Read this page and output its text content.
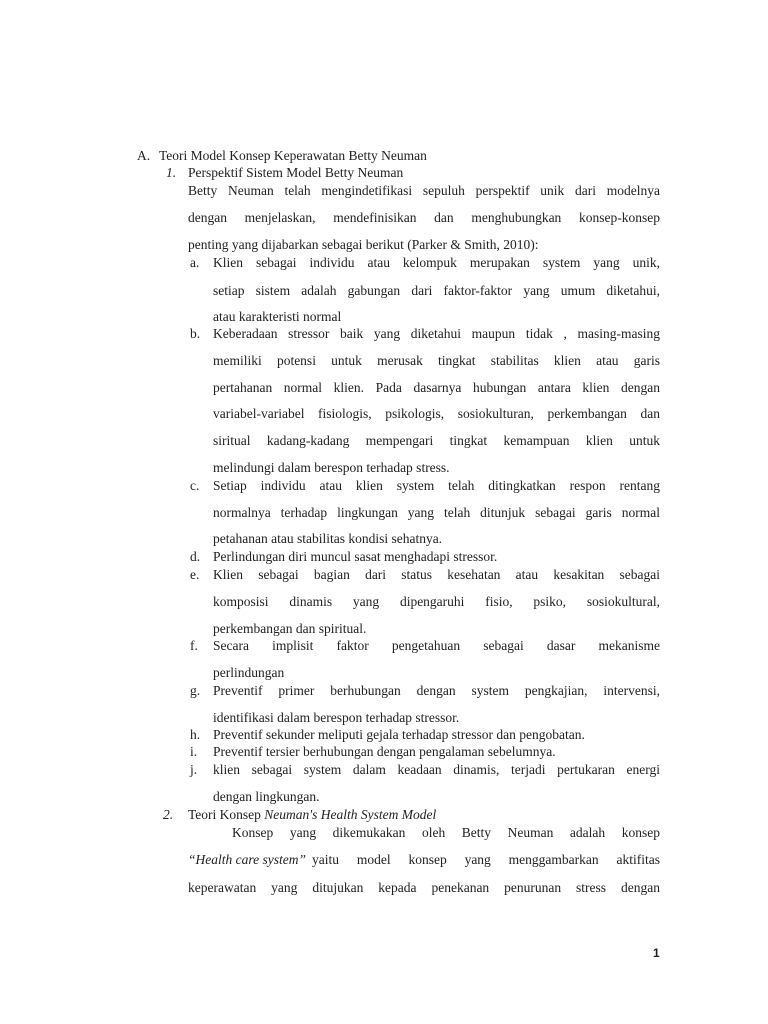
A. Teori Model Konsep Keperawatan Betty Neuman
1. Perspektif Sistem Model Betty Neuman
Betty Neuman telah mengindetifikasi sepuluh perspektif unik dari modelnya
dengan menjelaskan, mendefinisikan dan menghubungkan konsep-konsep
penting yang dijabarkan sebagai berikut (Parker & Smith, 2010):
a. Klien sebagai individu atau kelompuk merupakan system yang unik,
setiap sistem adalah gabungan dari faktor-faktor yang umum diketahui,
atau karakteristi normal
b. Keberadaan stressor baik yang diketahui maupun tidak , masing-masing
memiliki potensi untuk merusak tingkat stabilitas klien atau garis
pertahanan normal klien. Pada dasarnya hubungan antara klien dengan
variabel-variabel fisiologis, psikologis, sosiokulturan, perkembangan dan
siritual kadang-kadang mempengari tingkat kemampuan klien untuk
melindungi dalam berespon terhadap stress.
c. Setiap individu atau klien system telah ditingkatkan respon rentang
normalnya terhadap lingkungan yang telah ditunjuk sebagai garis normal
petahanan atau stabilitas kondisi sehatnya.
d. Perlindungan diri muncul sasat menghadapi stressor.
e. Klien sebagai bagian dari status kesehatan atau kesakitan sebagai
komposisi dinamis yang dipengaruhi fisio, psiko, sosiokultural,
perkembangan dan spiritual.
f. Secara implisit faktor pengetahuan sebagai dasar mekanisme
perlindungan
g. Preventif primer berhubungan dengan system pengkajian, intervensi,
identifikasi dalam berespon terhadap stressor.
h. Preventif sekunder meliputi gejala terhadap stressor dan pengobatan.
i. Preventif tersier berhubungan dengan pengalaman sebelumnya.
j. klien sebagai system dalam keadaan dinamis, terjadi pertukaran energi
dengan lingkungan.
2. Teori Konsep Neuman's Health System Model
Konsep yang dikemukakan oleh Betty Neuman adalah konsep
“Health care system” yaitu model konsep yang menggambarkan aktifitas
keperawatan yang ditujukan kepada penekanan penurunan stress dengan
1
